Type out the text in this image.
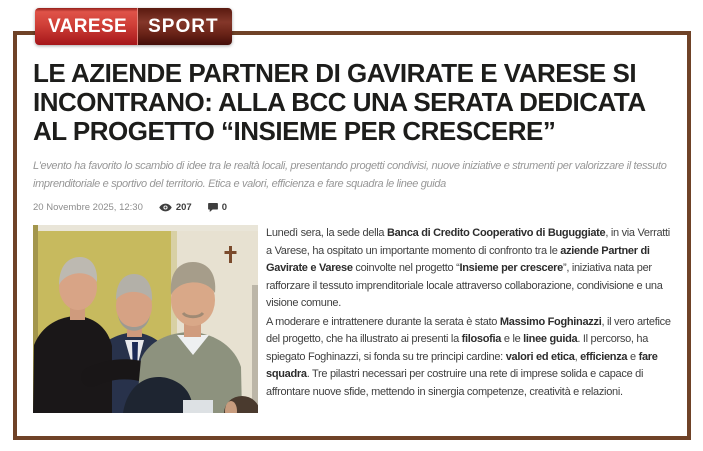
VARESE	SPORT
LE AZIENDE PARTNER DI GAVIRATE E VARESE SI INCONTRANO: ALLA BCC UNA SERATA DEDICATA AL PROGETTO “INSIEME PER CRESCERE”

L'evento ha favorito lo scambio di idee tra le realtà locali, presentando progetti condivisi, nuove iniziative e strumenti per valorizzare il tessuto imprenditoriale e sportivo del territorio. Etica e valori, efficienza e fare squadra le linee guida

20 Novembre 2025, 12:30	207	0

Lunedì sera, la sede della Banca di Credito Cooperativo di Buguggiate, in via Verratti a Varese, ha ospitato un importante momento di confronto tra le aziende Partner di Gavirate e Varese coinvolte nel progetto “Insieme per crescere”, iniziativa nata per rafforzare il tessuto imprenditoriale locale attraverso collaborazione, condivisione e una visione comune.

A moderare e intrattenere durante la serata è stato Massimo Foghinazzi, il vero artefice del progetto, che ha illustrato ai presenti la filosofia e le linee guida. Il percorso, ha spiegato Foghinazzi, si fonda su tre principi cardine: valori ed etica, efficienza e fare squadra. Tre pilastri necessari per costruire una rete di imprese solida e capace di affrontare nuove sfide, mettendo in sinergia competenze, creatività e relazioni.
